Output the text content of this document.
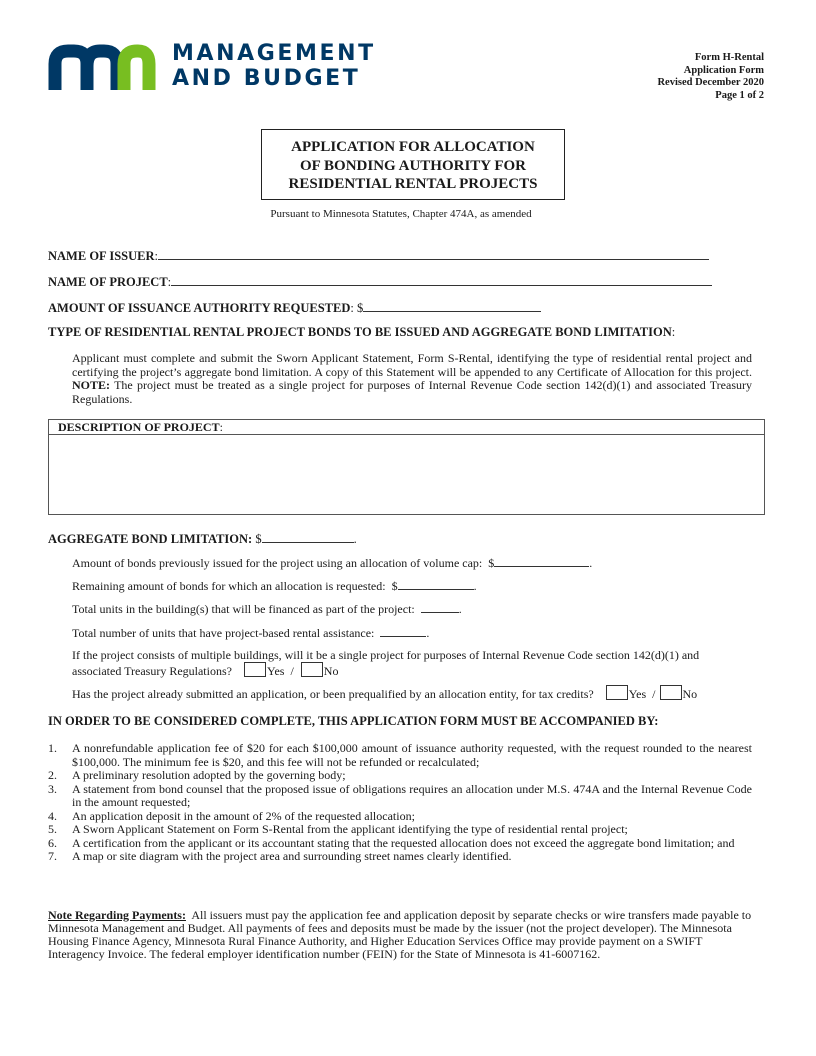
MANAGEMENT
AND BUDGET
Form H-Rental
Application Form
Revised December 2020
Page 1 of 2
APPLICATION FOR ALLOCATION
OF BONDING AUTHORITY FOR
RESIDENTIAL RENTAL PROJECTS
Pursuant to Minnesota Statutes, Chapter 474A, as amended
NAME OF ISSUER:
NAME OF PROJECT:
AMOUNT OF ISSUANCE AUTHORITY REQUESTED: $
TYPE OF RESIDENTIAL RENTAL PROJECT BONDS TO BE ISSUED AND AGGREGATE BOND LIMITATION:
Applicant must complete and submit the Sworn Applicant Statement, Form S-Rental, identifying the type of residential rental project and certifying the project’s aggregate bond limitation. A copy of this Statement will be appended to any Certificate of Allocation for this project. NOTE: The project must be treated as a single project for purposes of Internal Revenue Code section 142(d)(1) and associated Treasury Regulations.
DESCRIPTION OF PROJECT:
AGGREGATE BOND LIMITATION: $	.
Amount of bonds previously issued for the project using an allocation of volume cap:  $	.
Remaining amount of bonds for which an allocation is requested:  $	.
Total units in the building(s) that will be financed as part of the project:	.
Total number of units that have project-based rental assistance:	.
If the project consists of multiple buildings, will it be a single project for purposes of Internal Revenue Code section 142(d)(1) and
associated Treasury Regulations?	Yes  / No
Has the project already submitted an application, or been prequalified by an allocation entity, for tax credits?	Yes  / No
IN ORDER TO BE CONSIDERED COMPLETE, THIS APPLICATION FORM MUST BE ACCOMPANIED BY:
1. A nonrefundable application fee of $20 for each $100,000 amount of issuance authority requested, with the request rounded to the nearest $100,000. The minimum fee is $20, and this fee will not be refunded or recalculated;
2. A preliminary resolution adopted by the governing body;
3. A statement from bond counsel that the proposed issue of obligations requires an allocation under M.S. 474A and the Internal Revenue Code in the amount requested;
4. An application deposit in the amount of 2% of the requested allocation;
5. A Sworn Applicant Statement on Form S-Rental from the applicant identifying the type of residential rental project;
6. A certification from the applicant or its accountant stating that the requested allocation does not exceed the aggregate bond limitation; and
7. A map or site diagram with the project area and surrounding street names clearly identified.
Note Regarding Payments:  All issuers must pay the application fee and application deposit by separate checks or wire transfers made payable to Minnesota Management and Budget. All payments of fees and deposits must be made by the issuer (not the project developer). The Minnesota Housing Finance Agency, Minnesota Rural Finance Authority, and Higher Education Services Office may provide payment on a SWIFT Interagency Invoice. The federal employer identification number (FEIN) for the State of Minnesota is 41-6007162.
